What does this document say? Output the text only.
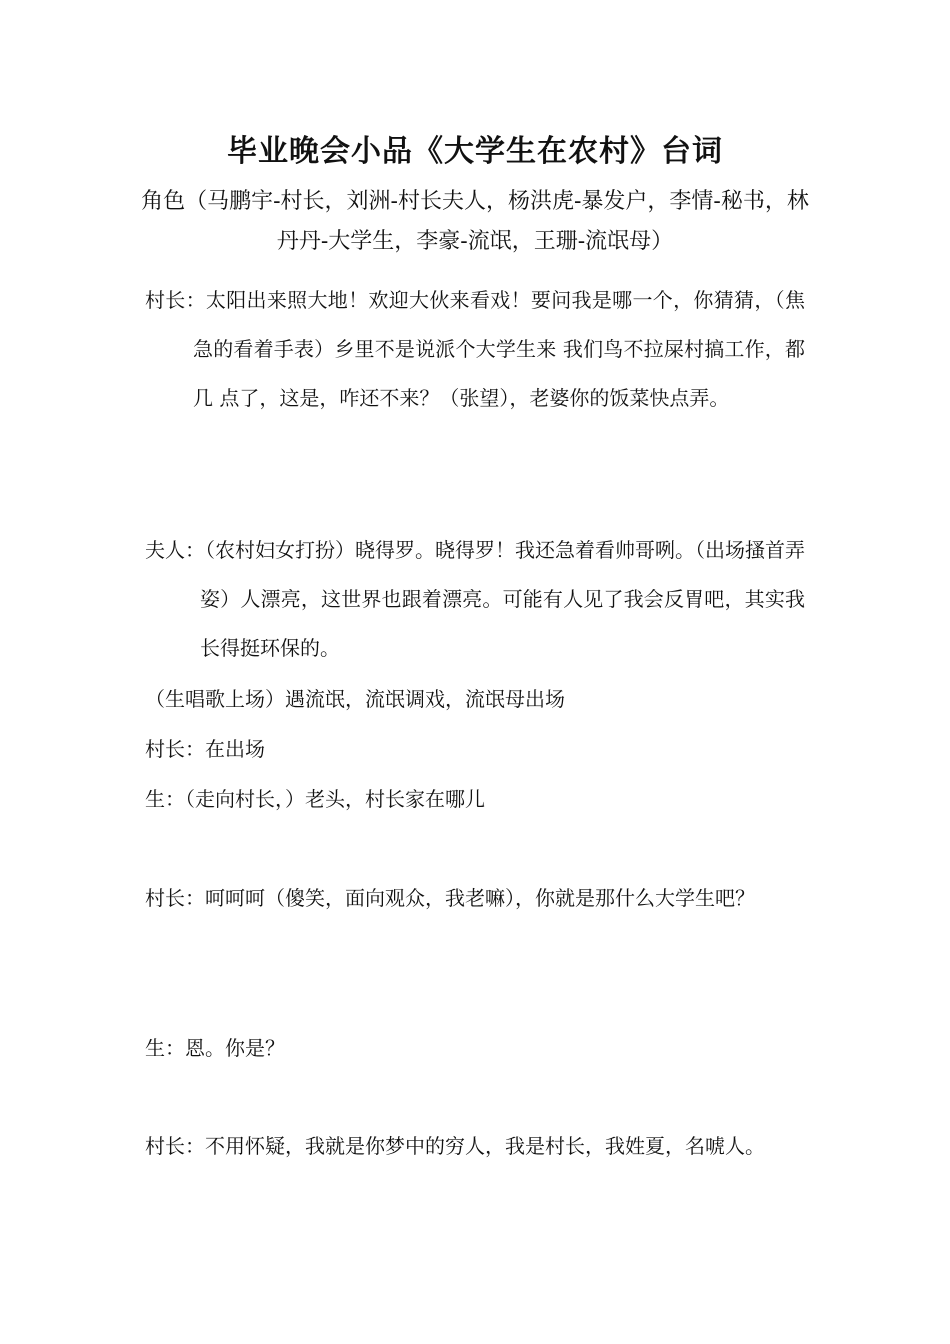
毕业晚会小品《大学生在农村》台词
角色（马鹏宇-村长，刘洲-村长夫人，杨洪虎-暴发户，李情-秘书，林丹丹-大学生，李豪-流氓，王珊-流氓母）
村长：太阳出来照大地！欢迎大伙来看戏！要问我是哪一个，你猜猜，（焦急的看着手表）乡里不是说派个大学生来 我们鸟不拉屎村搞工作，都几 点了，这是，咋还不来？（张望），老婆你的饭菜快点弄。
夫人：（农村妇女打扮）晓得罗。晓得罗！我还急着看帅哥咧。（出场搔首弄姿）人漂亮，这世界也跟着漂亮。可能有人见了我会反胃吧，其实我长得挺环保的。
（生唱歌上场）遇流氓，流氓调戏，流氓母出场
村长：在出场
生：（走向村长，）老头，村长家在哪儿
村长：呵呵呵（傻笑，面向观众，我老嘛），你就是那什么大学生吧？
生：恩。你是？
村长：不用怀疑，我就是你梦中的穷人，我是村长，我姓夏，名唬人。
